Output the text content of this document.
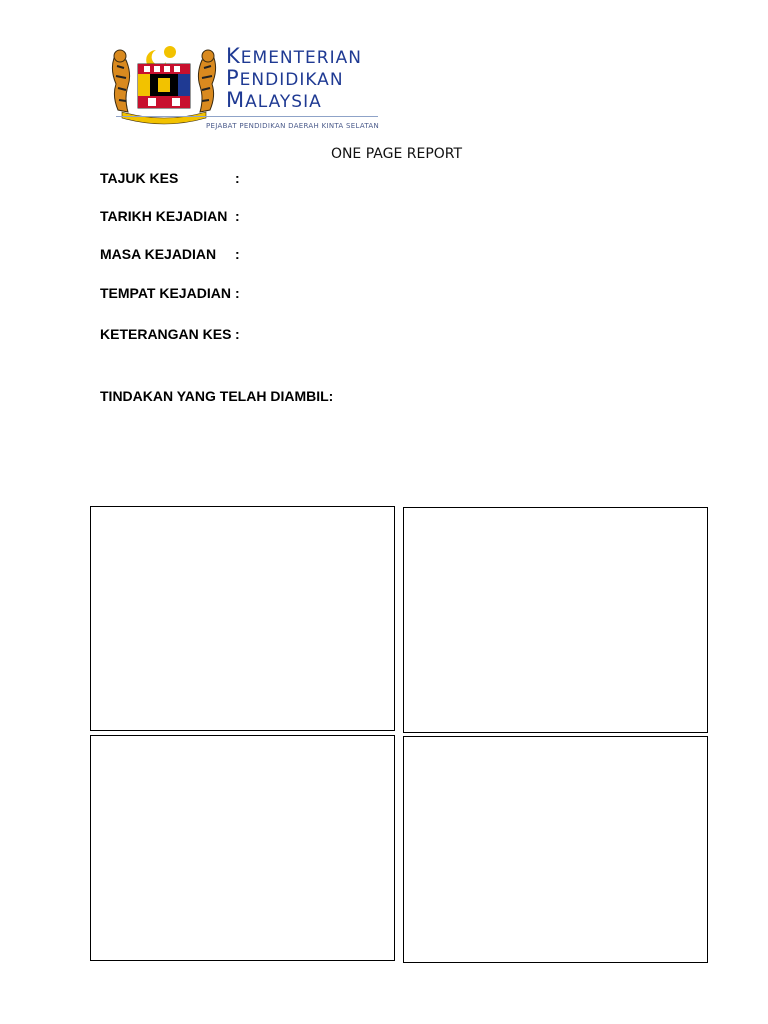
KEMENTERIAN
PENDIDIKAN
MALAYSIA
PEJABAT PENDIDIKAN DAERAH KINTA SELATAN
ONE PAGE REPORT
TAJUK KES	:
TARIKH KEJADIAN :
MASA KEJADIAN :
TEMPAT KEJADIAN :
KETERANGAN KES :
TINDAKAN YANG TELAH DIAMBIL:
